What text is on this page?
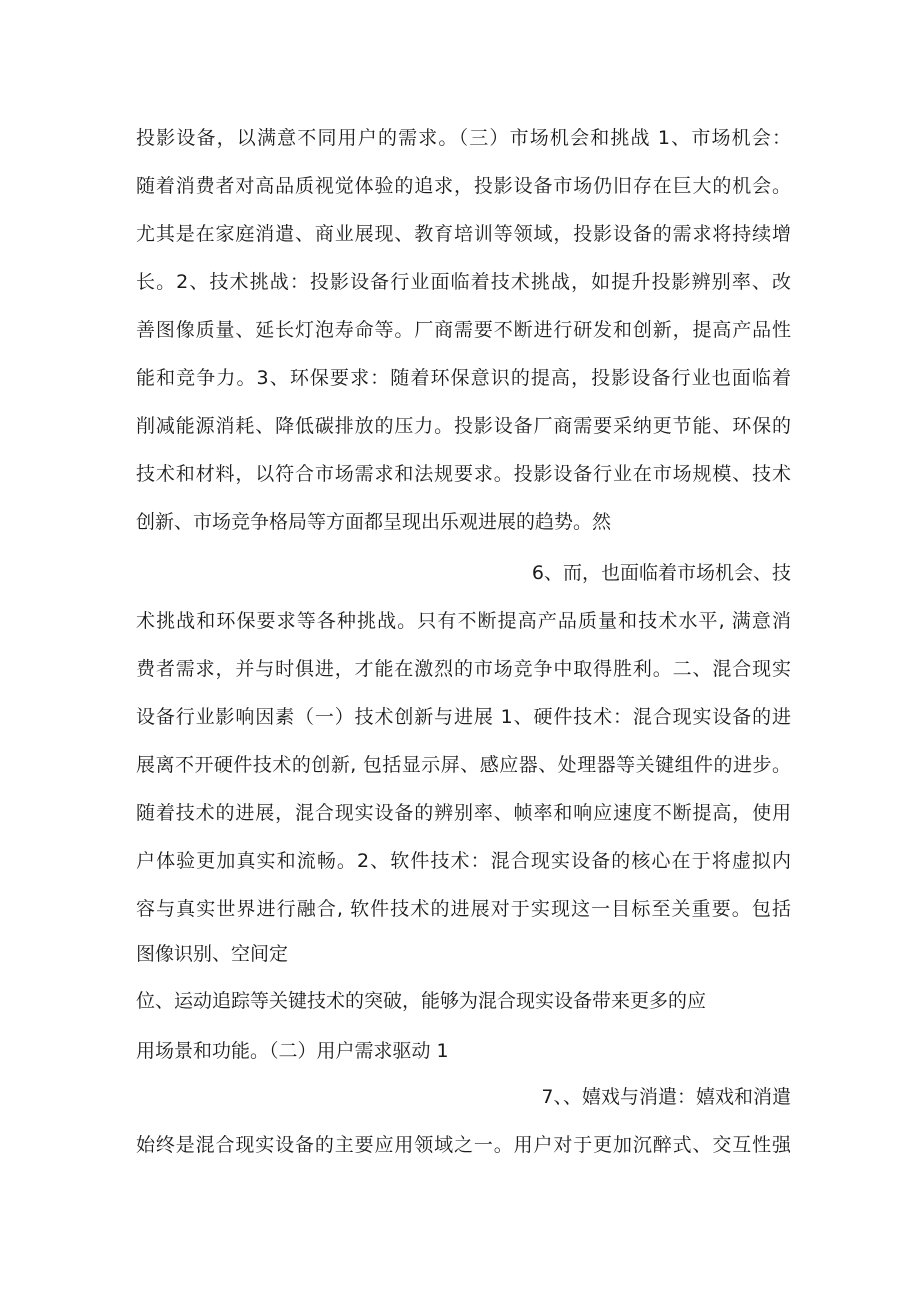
投影设备，以满意不同用户的需求。（三）市场机会和挑战 1、市场机会：
随着消费者对高品质视觉体验的追求，投影设备市场仍旧存在巨大的机会。
尤其是在家庭消遣、商业展现、教育培训等领域，投影设备的需求将持续增
长。2、技术挑战：投影设备行业面临着技术挑战，如提升投影辨别率、改
善图像质量、延长灯泡寿命等。厂商需要不断进行研发和创新，提高产品性
能和竞争力。3、环保要求：随着环保意识的提高，投影设备行业也面临着
削减能源消耗、降低碳排放的压力。投影设备厂商需要采纳更节能、环保的
技术和材料，以符合市场需求和法规要求。投影设备行业在市场规模、技术
创新、市场竞争格局等方面都呈现出乐观进展的趋势。然
6、而，也面临着市场机会、技
术挑战和环保要求等各种挑战。只有不断提高产品质量和技术水平, 满意消
费者需求，并与时俱进，才能在激烈的市场竞争中取得胜利。二、混合现实
设备行业影响因素（一）技术创新与进展 1、硬件技术：混合现实设备的进
展离不开硬件技术的创新, 包括显示屏、感应器、处理器等关键组件的进步。
随着技术的进展，混合现实设备的辨别率、帧率和响应速度不断提高，使用
户体验更加真实和流畅。2、软件技术：混合现实设备的核心在于将虚拟内
容与真实世界进行融合, 软件技术的进展对于实现这一目标至关重要。包括
图像识别、空间定
位、运动追踪等关键技术的突破，能够为混合现实设备带来更多的应
用场景和功能。（二）用户需求驱动 1
7、、嬉戏与消遣：嬉戏和消遣
始终是混合现实设备的主要应用领域之一。用户对于更加沉醉式、交互性强
